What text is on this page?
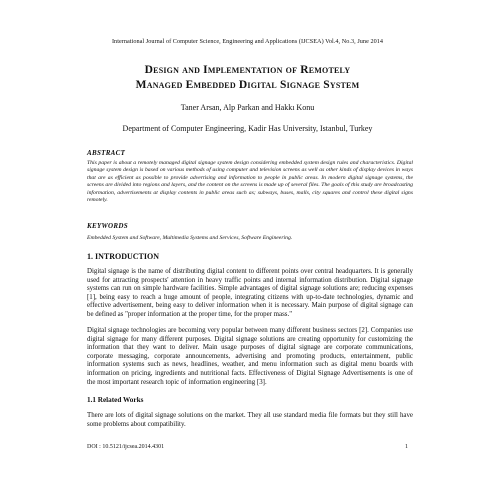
International Journal of Computer Science, Engineering and Applications (IJCSEA) Vol.4, No.3, June 2014
Design and Implementation of Remotely
Managed Embedded Digital Signage System
Taner Arsan, Alp Parkan and Hakkı Konu
Department of Computer Engineering, Kadir Has University, Istanbul, Turkey
ABSTRACT
This paper is about a remotely managed digital signage system design considering embedded system design rules and characteristics. Digital signage system design is based on various methods of using computer and television screens as well as other kinds of display devices in ways that are as efficient as possible to provide advertising and information to people in public areas. In modern digital signage systems, the screens are divided into regions and layers, and the content on the screens is made up of several files. The goals of this study are broadcasting information, advertisements at display contents in public areas such as; subways, buses, malls, city squares and control these digital signs remotely.
KEYWORDS
Embedded System and Software, Multimedia Systems and Services, Software Engineering.
1. INTRODUCTION
Digital signage is the name of distributing digital content to different points over central headquarters. It is generally used for attracting prospects' attention in heavy traffic points and internal information distribution. Digital signage systems can run on simple hardware facilities. Simple advantages of digital signage solutions are; reducing expenses [1], being easy to reach a huge amount of people, integrating citizens with up-to-date technologies, dynamic and effective advertisement, being easy to deliver information when it is necessary. Main purpose of digital signage can be defined as "proper information at the proper time, for the proper mass."
Digital signage technologies are becoming very popular between many different business sectors [2]. Companies use digital signage for many different purposes. Digital signage solutions are creating opportunity for customizing the information that they want to deliver. Main usage purposes of digital signage are corporate communications, corporate messaging, corporate announcements, advertising and promoting products, entertainment, public information systems such as news, headlines, weather, and menu information such as digital menu boards with information on pricing, ingredients and nutritional facts. Effectiveness of Digital Signage Advertisements is one of the most important research topic of information engineering [3].
1.1 Related Works
There are lots of digital signage solutions on the market. They all use standard media file formats but they still have some problems about compatibility.
DOI : 10.5121/ijcsea.2014.4301	1
